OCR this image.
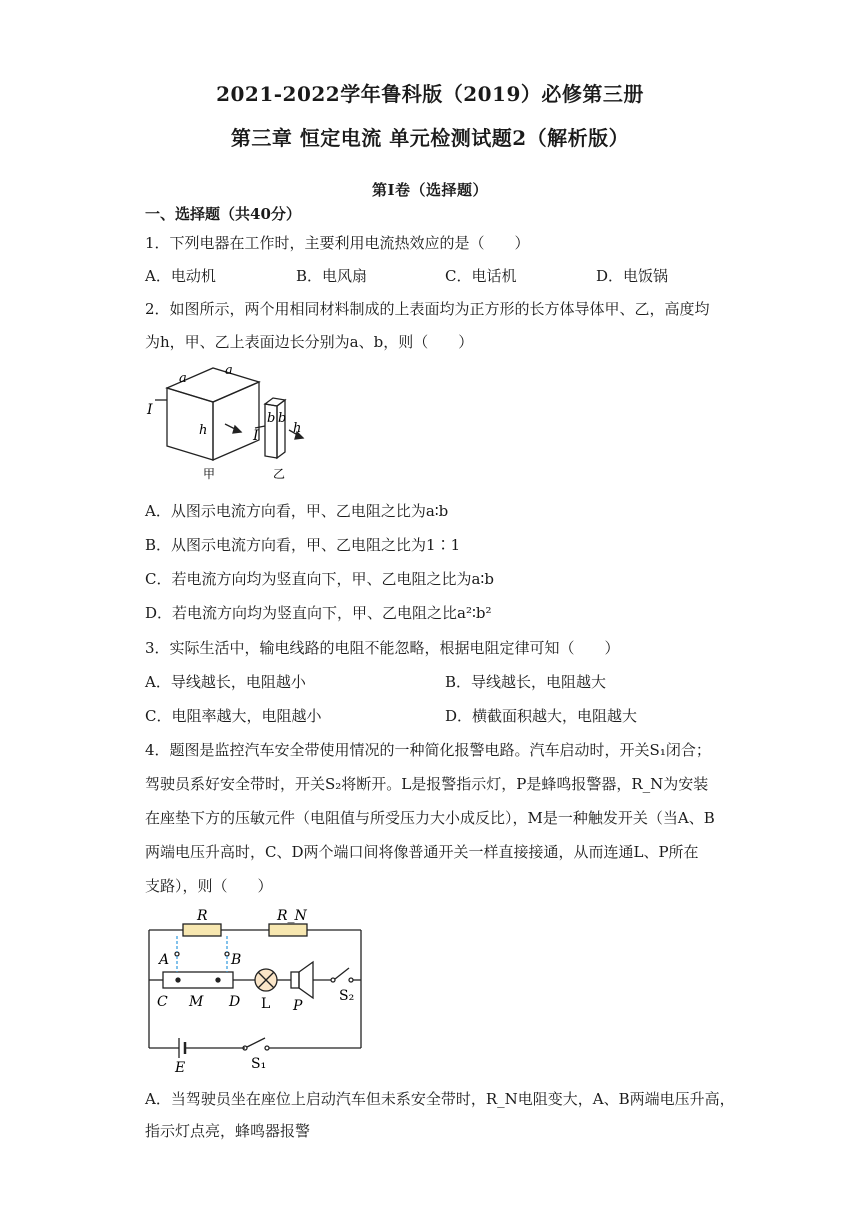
2021-2022学年鲁科版（2019）必修第三册
第三章 恒定电流 单元检测试题2（解析版）
第Ⅰ卷（选择题）
一、选择题（共40分）
1．下列电器在工作时，主要利用电流热效应的是（　　）
A．电动机	B．电风扇	C．电话机	D．电饭锅
2．如图所示，两个用相同材料制成的上表面均为正方形的长方体导体甲、乙，高度均
为h，甲、乙上表面边长分别为a、b，则（　　）
a
a
I
h
b b
I	h
甲	乙
A．从图示电流方向看，甲、乙电阻之比为a∶b
B．从图示电流方向看，甲、乙电阻之比为1∶1
C．若电流方向均为竖直向下，甲、乙电阻之比为a∶b
D．若电流方向均为竖直向下，甲、乙电阻之比a²∶b²
3．实际生活中，输电线路的电阻不能忽略，根据电阻定律可知（　　）
A．导线越长，电阻越小	B．导线越长，电阻越大
C．电阻率越大，电阻越小	D．横截面积越大，电阻越大
4．题图是监控汽车安全带使用情况的一种简化报警电路。汽车启动时，开关S₁闭合；
驾驶员系好安全带时，开关S₂将断开。L是报警指示灯，P是蜂鸣报警器，R_N为安装
在座垫下方的压敏元件（电阻值与所受压力大小成反比），M是一种触发开关（当A、B
两端电压升高时，C、D两个端口间将像普通开关一样直接接通，从而连通L、P所在
支路），则（　　）
R	R_N
A	B
C M D L P
S₂
E	S₁
A．当驾驶员坐在座位上启动汽车但未系安全带时，R_N电阻变大，A、B两端电压升高，
指示灯点亮，蜂鸣器报警
